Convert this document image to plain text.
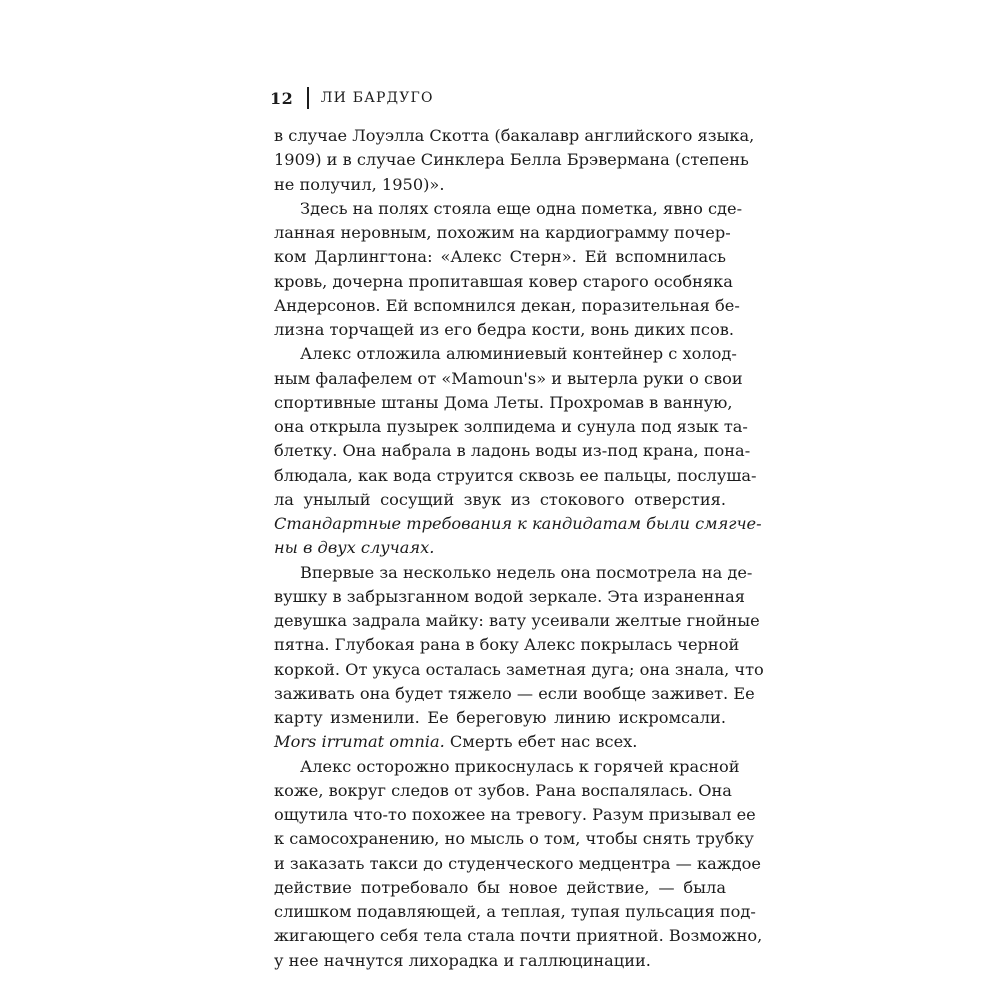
12 ЛИ БАРДУГО
в случае Лоуэлла Скотта (бакалавр английского языка,
1909) и в случае Синклера Белла Брэвермана (степень
не получил, 1950)».
Здесь на полях стояла еще одна пометка, явно сде-
ланная неровным, похожим на кардиограмму почер-
ком Дарлингтона: «Алекс Стерн». Ей вспомнилась
кровь, дочерна пропитавшая ковер старого особняка
Андерсонов. Ей вспомнился декан, поразительная бе-
лизна торчащей из его бедра кости, вонь диких псов.
Алекс отложила алюминиевый контейнер с холод-
ным фалафелем от «Mamoun's» и вытерла руки о свои
спортивные штаны Дома Леты. Прохромав в ванную,
она открыла пузырек золпидема и сунула под язык та-
блетку. Она набрала в ладонь воды из-под крана, пона-
блюдала, как вода струится сквозь ее пальцы, послуша-
ла унылый сосущий звук из стокового отверстия.
Стандартные требования к кандидатам были смягче-
ны в двух случаях.
Впервые за несколько недель она посмотрела на де-
вушку в забрызганном водой зеркале. Эта израненная
девушка задрала майку: вату усеивали желтые гнойные
пятна. Глубокая рана в боку Алекс покрылась черной
коркой. От укуса осталась заметная дуга; она знала, что
заживать она будет тяжело — если вообще заживет. Ее
карту изменили. Ее береговую линию искромсали.
Mors irrumat omnia. Смерть ебет нас всех.
Алекс осторожно прикоснулась к горячей красной
коже, вокруг следов от зубов. Рана воспалялась. Она
ощутила что-то похожее на тревогу. Разум призывал ее
к самосохранению, но мысль о том, чтобы снять трубку
и заказать такси до студенческого медцентра — каждое
действие потребовало бы новое действие, — была
слишком подавляющей, а теплая, тупая пульсация под-
жигающего себя тела стала почти приятной. Возможно,
у нее начнутся лихорадка и галлюцинации.
